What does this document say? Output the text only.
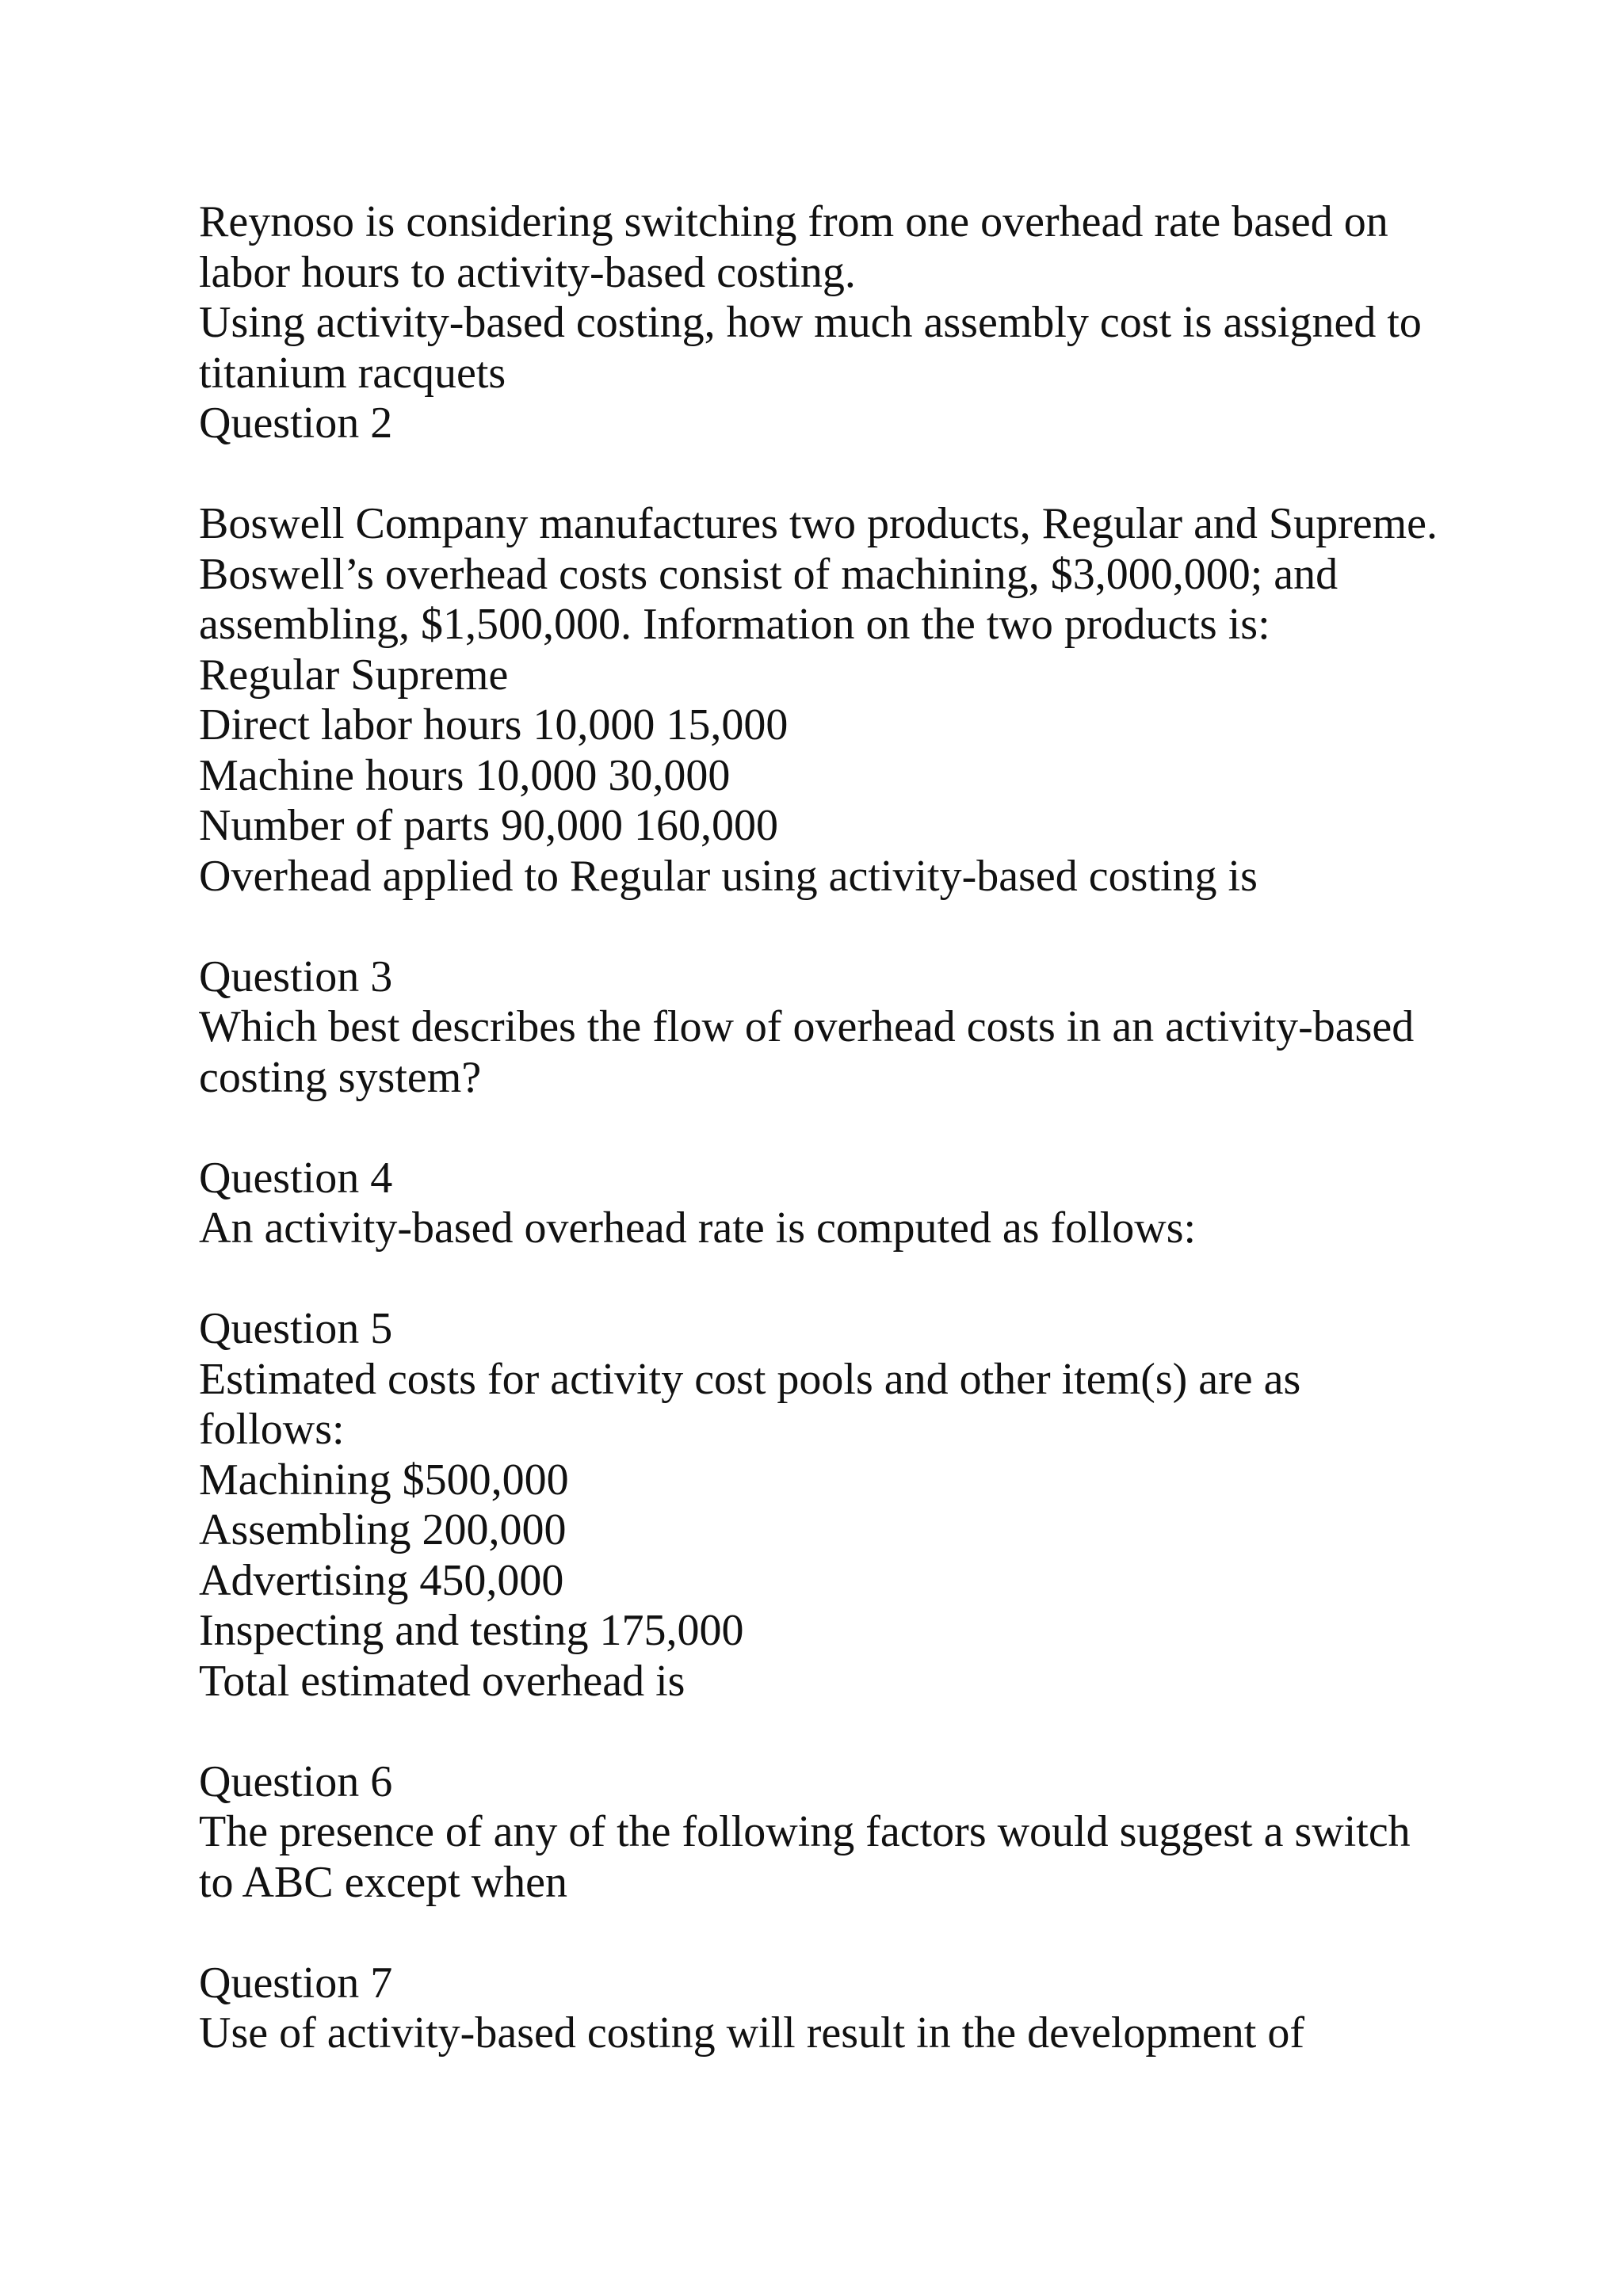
Reynoso is considering switching from one overhead rate based on
labor hours to activity-based costing.
Using activity-based costing, how much assembly cost is assigned to
titanium racquets
Question 2
Boswell Company manufactures two products, Regular and Supreme.
Boswell’s overhead costs consist of machining, $3,000,000; and
assembling, $1,500,000. Information on the two products is:
Regular Supreme
Direct labor hours 10,000 15,000
Machine hours 10,000 30,000
Number of parts 90,000 160,000
Overhead applied to Regular using activity-based costing is
Question 3
Which best describes the flow of overhead costs in an activity-based
costing system?
Question 4
An activity-based overhead rate is computed as follows:
Question 5
Estimated costs for activity cost pools and other item(s) are as
follows:
Machining $500,000
Assembling 200,000
Advertising 450,000
Inspecting and testing 175,000
Total estimated overhead is
Question 6
The presence of any of the following factors would suggest a switch
to ABC except when
Question 7
Use of activity-based costing will result in the development of
